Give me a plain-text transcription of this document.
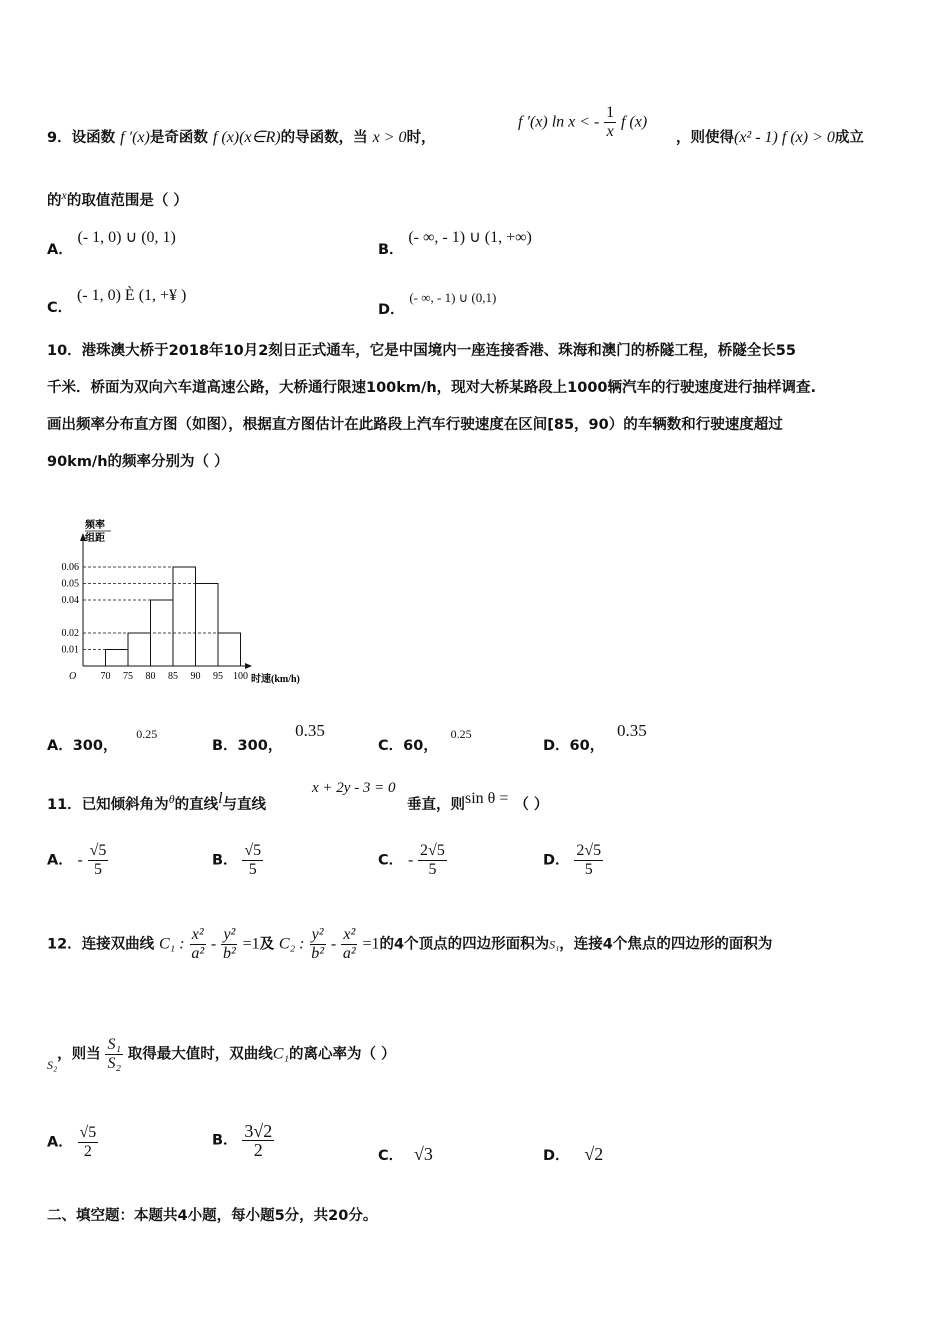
9．设函数 f ′(x)是奇函数 f (x)(x∈R)的导函数，当 x > 0时，
f ′(x) ln x < - $\frac{1}{x}$ f (x)
，则使得(x² - 1) f (x) > 0成立
的$^x$的取值范围是（ ）
A． (- 1, 0) ∪ (0, 1)
B． (- ∞, - 1) ∪ (1, +∞)
C． (- 1, 0) È (1, +¥ )
D． (- ∞, - 1) ∪ (0,1)
10．港珠澳大桥于2018年10月2刻日正式通车，它是中国境内一座连接香港、珠海和澳门的桥隧工程，桥隧全长55
千米．桥面为双向六车道高速公路，大桥通行限速100km/h，现对大桥某路段上1000辆汽车的行驶速度进行抽样调查.
画出频率分布直方图（如图），根据直方图估计在此路段上汽车行驶速度在区间[85，90）的车辆数和行驶速度超过
90km/h的频率分别为（ ）
频率
组距
0.06
0.05
0.04
0.02
0.01
70 75 80 85 90 95 100
O	时速(km/h)
A．300， 0.25
B．300， 0.35
C．60， 0.25
D．60， 0.35
11．已知倾斜角为$^\theta$的直线$^l$与直线
x + 2y - 3 = 0
垂直，则$^{sin \theta =}$ （ ）
A． - $\frac{√5}{5}$	B． $\frac{√5}{5}$	C． - $\frac{2√5}{5}$	D． $\frac{2√5}{5}$
12．连接双曲线 C₁ : $\frac{\text{x²}}{\text{a²}} - \frac{\text{y²}}{\text{b²}} =1$及 C₂ : $\frac{\text{y²}}{\text{b²}} - \frac{\text{x²}}{\text{a²}} =1$的4个顶点的四边形面积为S₁，连接4个焦点的四边形的面积为
$_{S_2}$，则当 $\frac{\text{S₁}}{\text{S₂}}$ 取得最大值时，双曲线C₁的离心率为（ ）
A． $\frac{√5}{2}$	B． $\frac{3√2}{2}$	C． √3	D． √2
二、填空题：本题共4小题，每小题5分，共20分。
